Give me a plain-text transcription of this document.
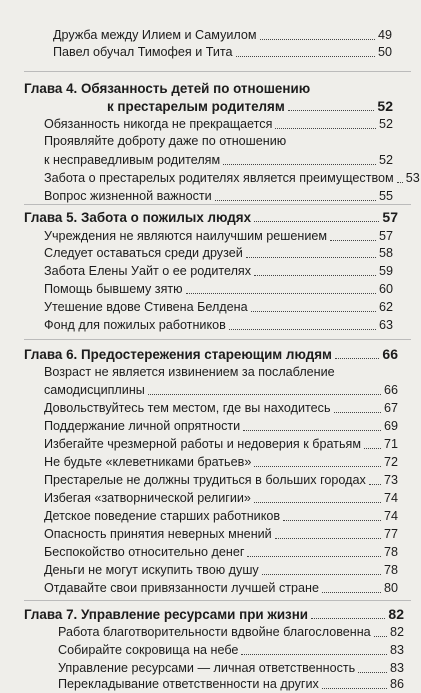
Дружба между Илием и Самуилом	49
Павел обучал Тимофея и Тита	50
Глава 4. Обязанность детей по отношению
к престарелым родителям	52
Обязанность никогда не прекращается	52
Проявляйте доброту даже по отношению
к несправедливым родителям	52
Забота о престарелых родителях является преимуществом 53
Вопрос жизненной важности	55
Глава 5. Забота о пожилых людях	57
Учреждения не являются наилучшим решением	57
Следует оставаться среди друзей	58
Забота Елены Уайт о ее родителях	59
Помощь бывшему зятю	60
Утешение вдове Стивена Белдена	62
Фонд для пожилых работников	63
Глава 6. Предостережения стареющим людям	66
Возраст не является извинением за послабление
самодисциплины	66
Довольствуйтесь тем местом, где вы находитесь	67
Поддержание личной опрятности	69
Избегайте чрезмерной работы и недоверия к братьям 71
Не будьте «клеветниками братьев»	72
Престарелые не должны трудиться в больших городах 73
Избегая «затворнической религии»	74
Детское поведение старших работников	74
Опасность принятия неверных мнений	77
Беспокойство относительно денег	78
Деньги не могут искупить твою душу	78
Отдавайте свои привязанности лучшей стране	80
Глава 7. Управление ресурсами при жизни	82
Работа благотворительности вдвойне благословенна 82
Собирайте сокровища на небе	83
Управление ресурсами — личная ответственность	83
Перекладывание ответственности на других	86
